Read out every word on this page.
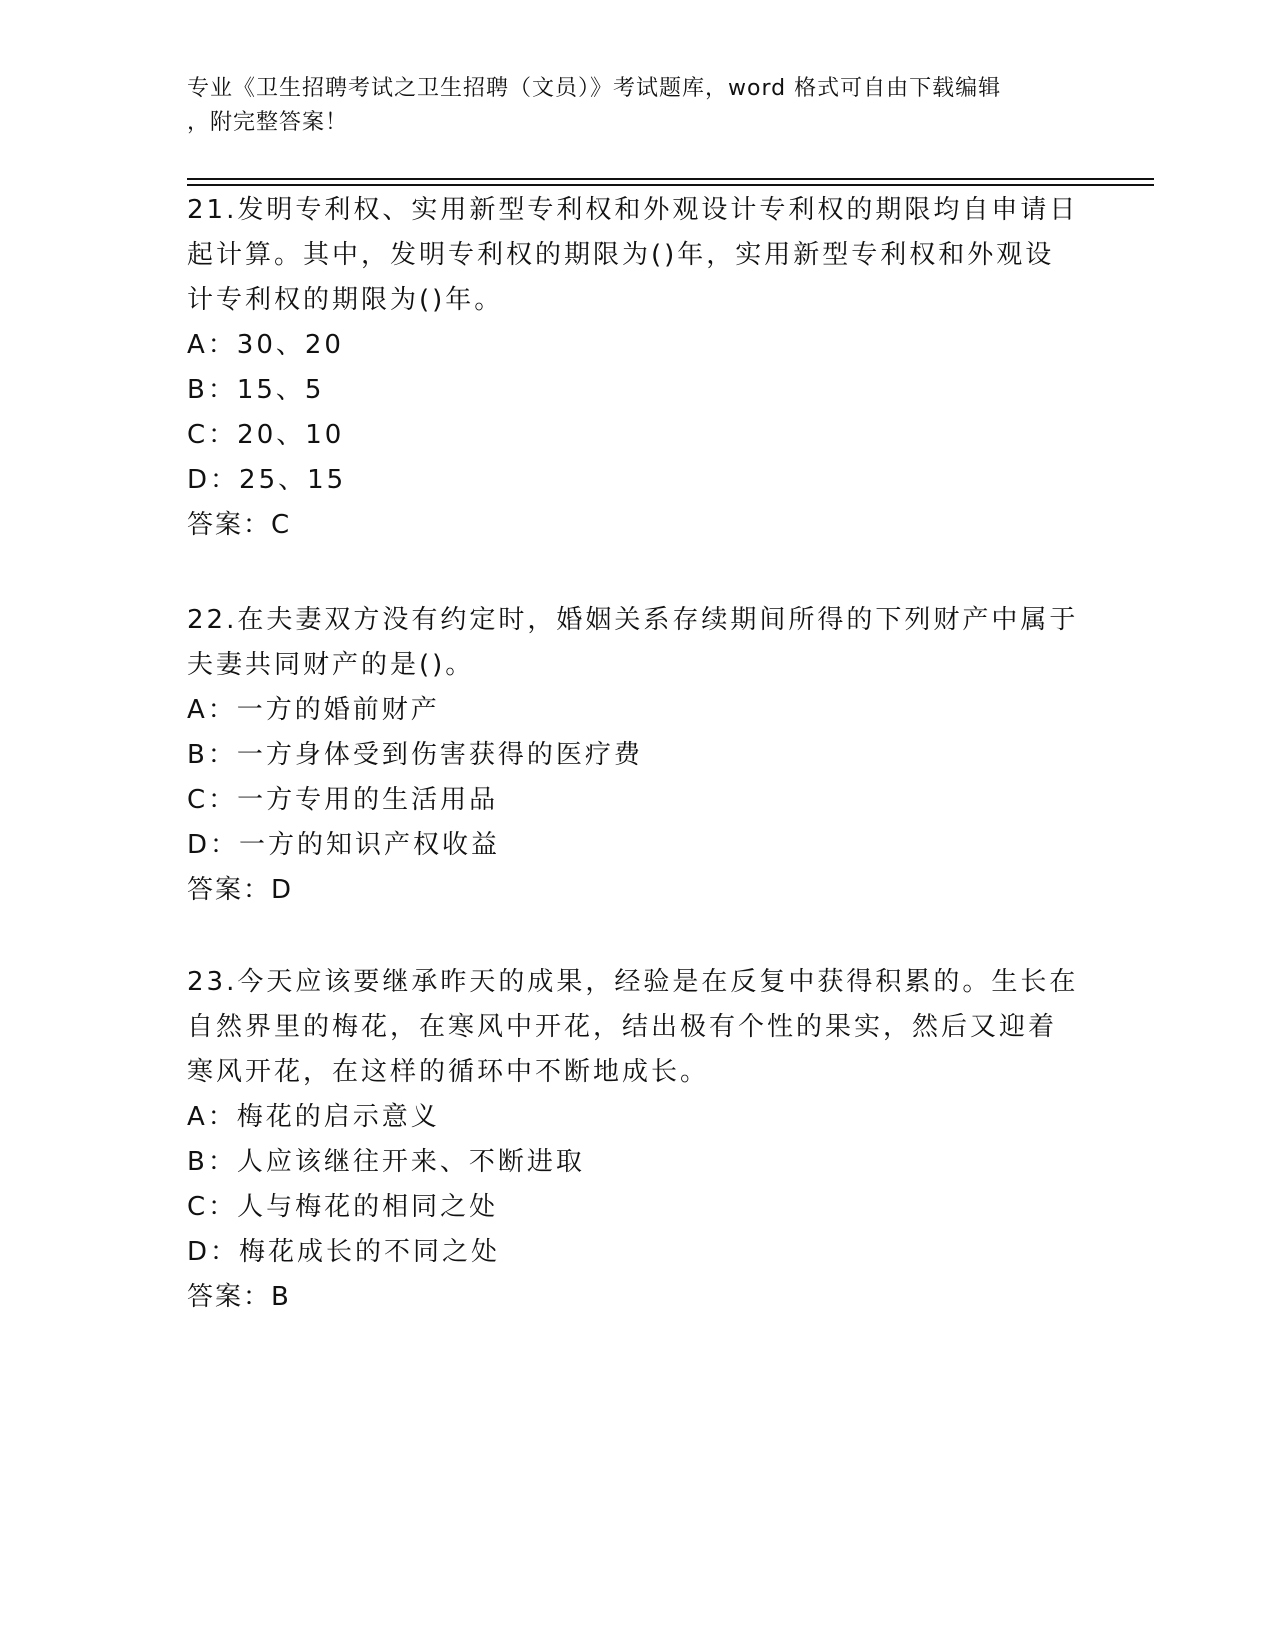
专业《卫生招聘考试之卫生招聘（文员）》考试题库，word 格式可自由下载编辑
，附完整答案！

21.发明专利权、实用新型专利权和外观设计专利权的期限均自申请日起计算。其中，发明专利权的期限为()年，实用新型专利权和外观设计专利权的期限为()年。

A：30、20

B：15、5

C：20、10

D：25、15

答案：C

22.在夫妻双方没有约定时，婚姻关系存续期间所得的下列财产中属于夫妻共同财产的是()。

A：一方的婚前财产

B：一方身体受到伤害获得的医疗费

C：一方专用的生活用品

D：一方的知识产权收益

答案：D

23.今天应该要继承昨天的成果，经验是在反复中获得积累的。生长在自然界里的梅花，在寒风中开花，结出极有个性的果实，然后又迎着寒风开花，在这样的循环中不断地成长。

A：梅花的启示意义

B：人应该继往开来、不断进取

C：人与梅花的相同之处

D：梅花成长的不同之处

答案：B
